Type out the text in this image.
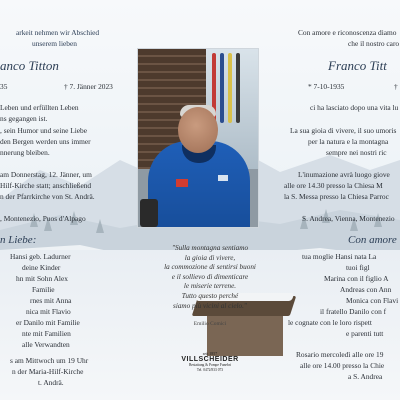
arkeit nehmen wir Abschied
unserem lieben
anco Titton
35	† 7. Jänner 2023
Leben und erfüllten Leben
ns gegangen ist.
, sein Humor und seine Liebe
den Bergen werden uns immer
nnerung bleiben.
am Donnerstag, 12. Jänner, um
Hilf-Kirche statt; anschließend
n der Pfarrkirche von St. Andrä.
, Montenezio, Puos d'Alpago
n Liebe:
Hansi geb. Ladurner
deine Kinder
hn mit Sohn Alex
Familie
rnes mit Anna
nica mit Flavio
er Danilo mit Familie
nte mit Familien
alle Verwandten
s am Mittwoch um 19 Uhr
n der Maria-Hilf-Kirche
t. Andrä.
"Sulla montagna sentiamo
la gioia di vivere,
la commozione di sentirsi buoni
e il sollievo di dimenticare
le miserie terrene.
Tutto questo perché
siamo più vicini al cielo."
Emilio Comici
seit 1857
VILLSCHEIDER
Bestattung & Pompe Funebri
Tel. 0472/833 073
Con amore e riconoscenza diamo
che il nostro caro
Franco Titt
* 7-10-1935	†
ci ha lasciato dopo una vita lu
La sua gioia di vivere, il suo umoris
per la natura e la montagna
sempre nei nostri ric
L'inumazione avrà luogo giove
alle ore 14.30 presso la Chiesa M
la S. Messa presso la Chiesa Parroc
S. Andrea, Vienna, Montenezio
Con amore
tua moglie Hansi nata La
tuoi figl
Marina con il figlio A
Andreas con Ann
Monica con Flavi
il fratello Danilo con f
le cognate con le loro rispett
e parenti tutt
Rosario mercoledì alle ore 19
alle ore 14.00 presso la Chie
a S. Andrea
